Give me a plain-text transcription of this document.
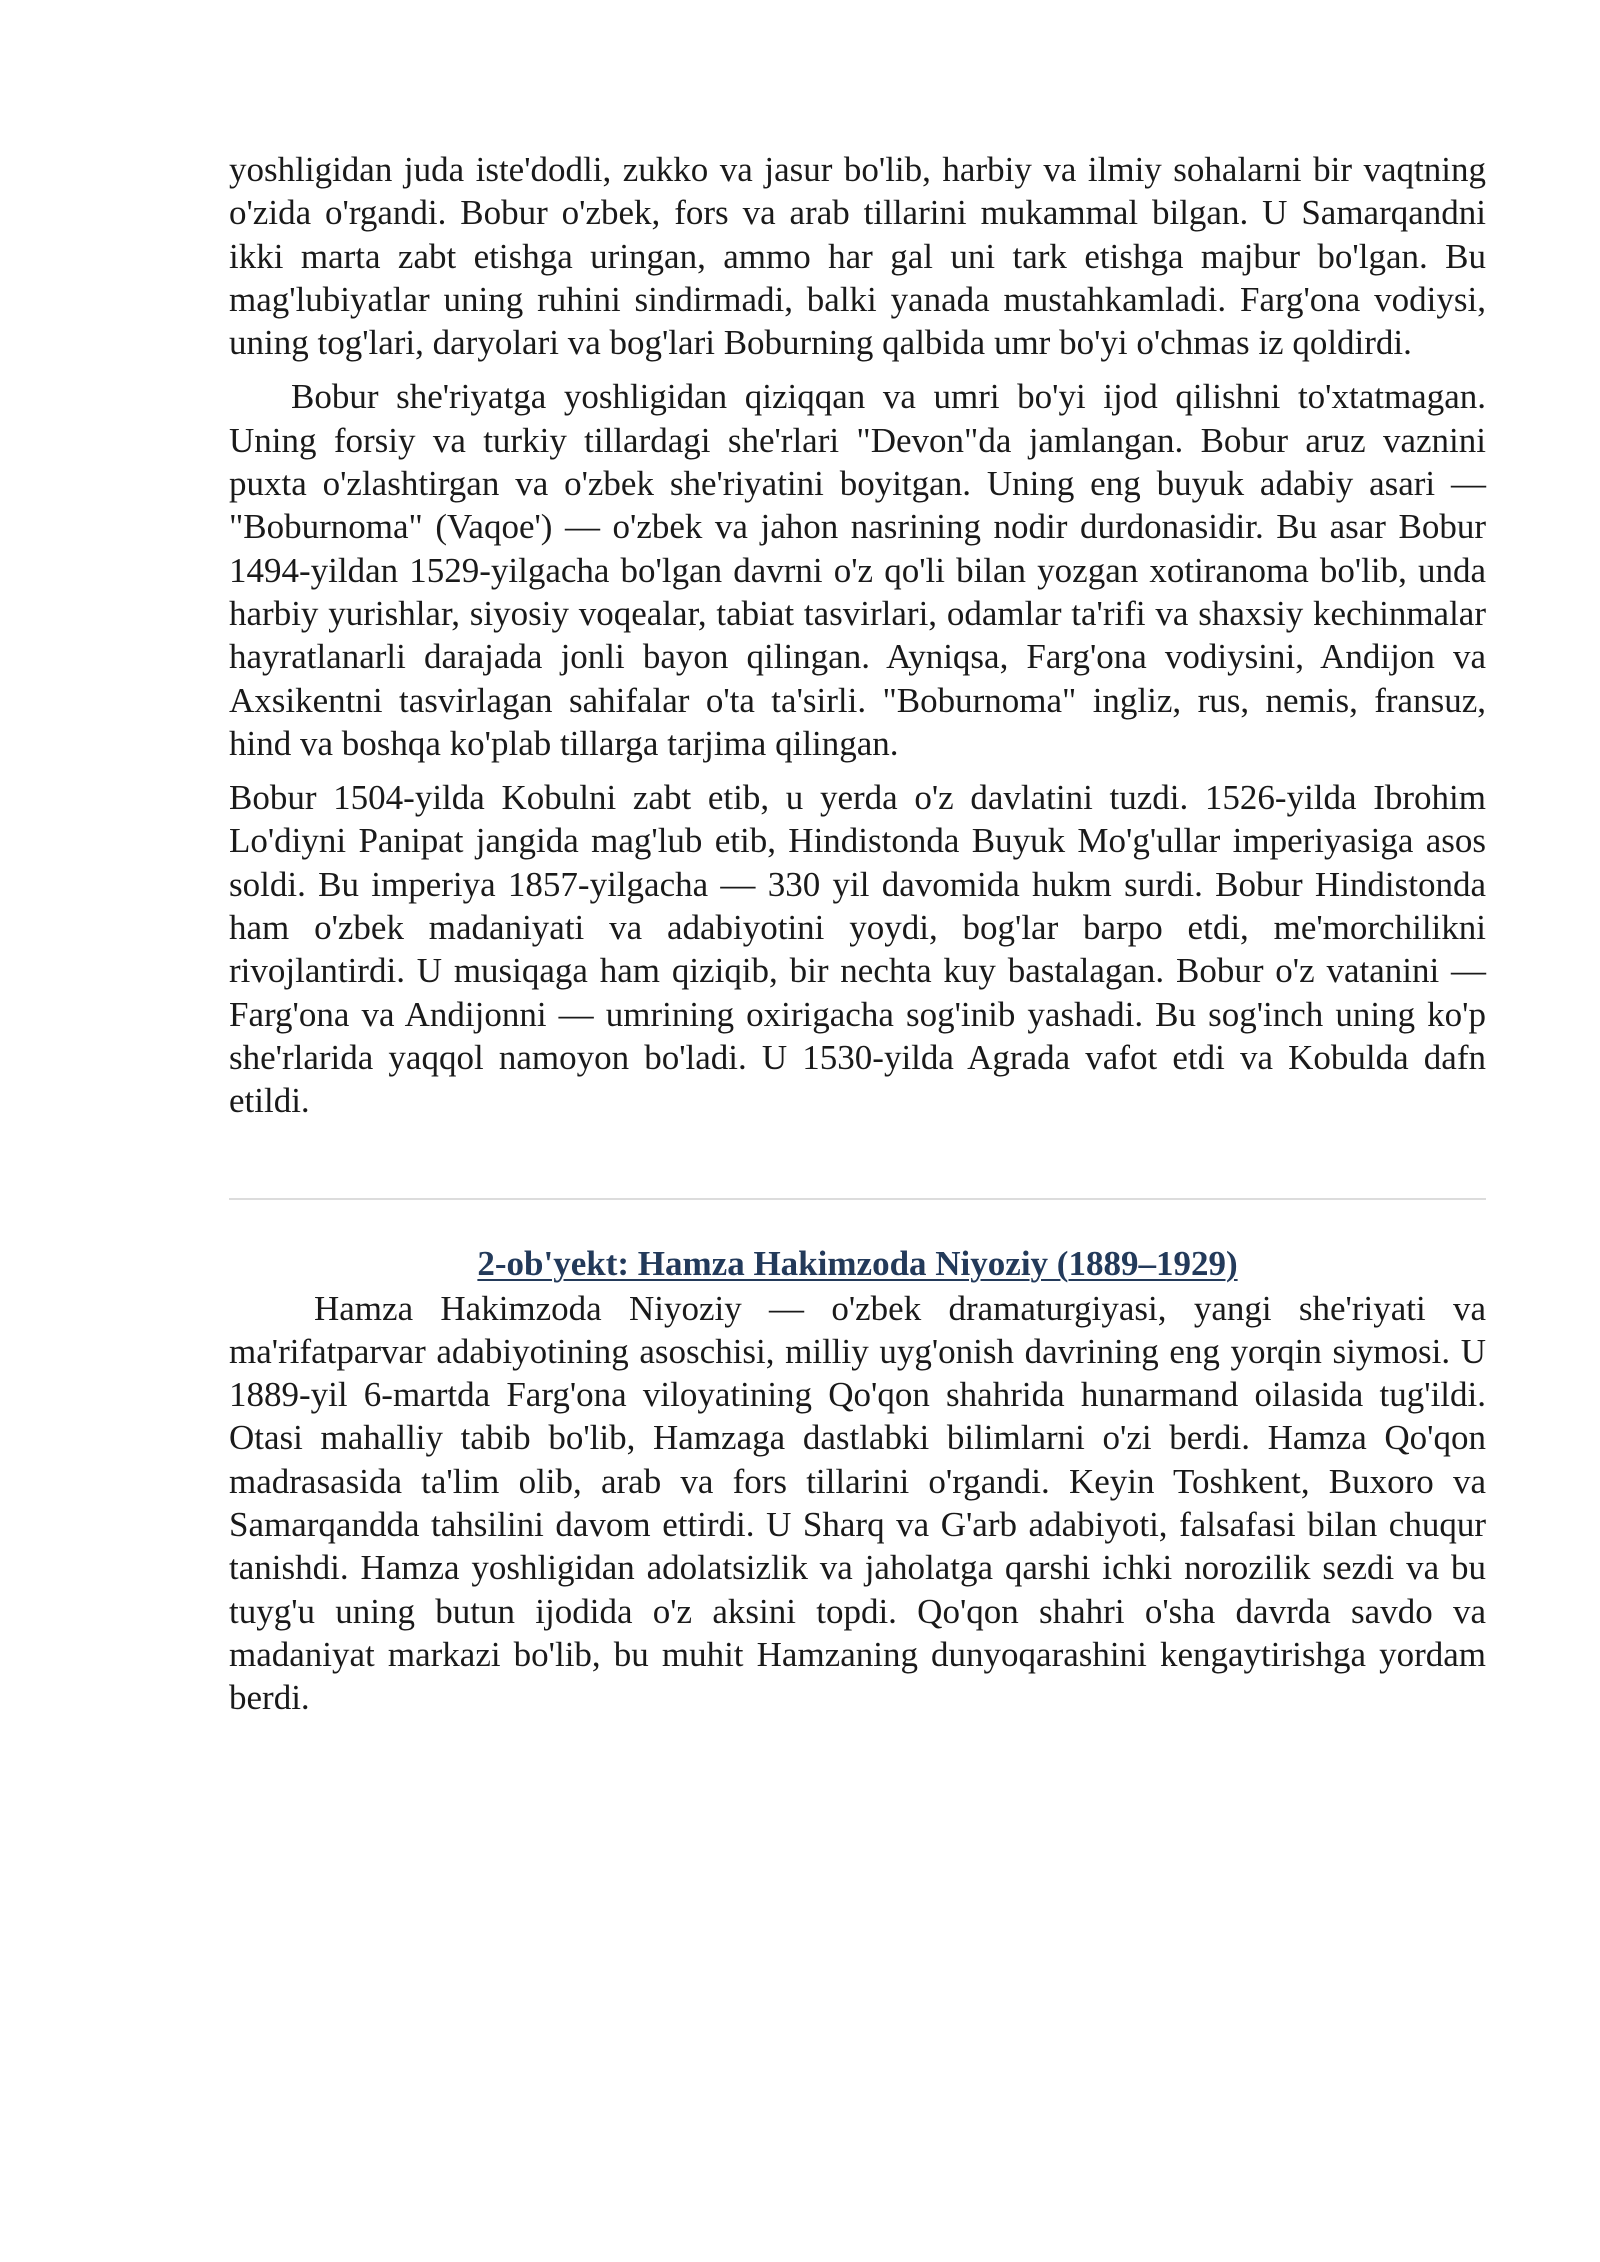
yoshligidan juda iste'dodli, zukko va jasur bo'lib, harbiy va ilmiy sohalarni bir vaqtning o'zida o'rgandi. Bobur o'zbek, fors va arab tillarini mukammal bilgan. U Samarqandni ikki marta zabt etishga uringan, ammo har gal uni tark etishga majbur bo'lgan. Bu mag'lubiyatlar uning ruhini sindirmadi, balki yanada mustahkamladi. Farg'ona vodiysi, uning tog'lari, daryolari va bog'lari Boburning qalbida umr bo'yi o'chmas iz qoldirdi.

Bobur she'riyatga yoshligidan qiziqqan va umri bo'yi ijod qilishni to'xtatmagan. Uning forsiy va turkiy tillardagi she'rlari "Devon"da jamlangan. Bobur aruz vaznini puxta o'zlashtirgan va o'zbek she'riyatini boyitgan. Uning eng buyuk adabiy asari — "Boburnoma" (Vaqoe') — o'zbek va jahon nasrining nodir durdonasidir. Bu asar Bobur 1494-yildan 1529-yilgacha bo'lgan davrni o'z qo'li bilan yozgan xotiranoma bo'lib, unda harbiy yurishlar, siyosiy voqealar, tabiat tasvirlari, odamlar ta'rifi va shaxsiy kechinmalar hayratlanarli darajada jonli bayon qilingan. Ayniqsa, Farg'ona vodiysini, Andijon va Axsikentni tasvirlagan sahifalar o'ta ta'sirli. "Boburnoma" ingliz, rus, nemis, fransuz, hind va boshqa ko'plab tillarga tarjima qilingan.

Bobur 1504-yilda Kobulni zabt etib, u yerda o'z davlatini tuzdi. 1526-yilda Ibrohim Lo'diyni Panipat jangida mag'lub etib, Hindistonda Buyuk Mo'g'ullar imperiyasiga asos soldi. Bu imperiya 1857-yilgacha — 330 yil davomida hukm surdi. Bobur Hindistonda ham o'zbek madaniyati va adabiyotini yoydi, bog'lar barpo etdi, me'morchilikni rivojlantirdi. U musiqaga ham qiziqib, bir nechta kuy bastalagan. Bobur o'z vatanini — Farg'ona va Andijonni — umrining oxirigacha sog'inib yashadi. Bu sog'inch uning ko'p she'rlarida yaqqol namoyon bo'ladi. U 1530-yilda Agrada vafot etdi va Kobulda dafn etildi.

2-ob'yekt: Hamza Hakimzoda Niyoziy (1889–1929)

Hamza Hakimzoda Niyoziy — o'zbek dramaturgiyasi, yangi she'riyati va ma'rifatparvar adabiyotining asoschisi, milliy uyg'onish davrining eng yorqin siymosi. U 1889-yil 6-martda Farg'ona viloyatining Qo'qon shahrida hunarmand oilasida tug'ildi. Otasi mahalliy tabib bo'lib, Hamzaga dastlabki bilimlarni o'zi berdi. Hamza Qo'qon madrasasida ta'lim olib, arab va fors tillarini o'rgandi. Keyin Toshkent, Buxoro va Samarqandda tahsilini davom ettirdi. U Sharq va G'arb adabiyoti, falsafasi bilan chuqur tanishdi. Hamza yoshligidan adolatsizlik va jaholatga qarshi ichki norozilik sezdi va bu tuyg'u uning butun ijodida o'z aksini topdi. Qo'qon shahri o'sha davrda savdo va madaniyat markazi bo'lib, bu muhit Hamzaning dunyoqarashini kengaytirishga yordam berdi.
